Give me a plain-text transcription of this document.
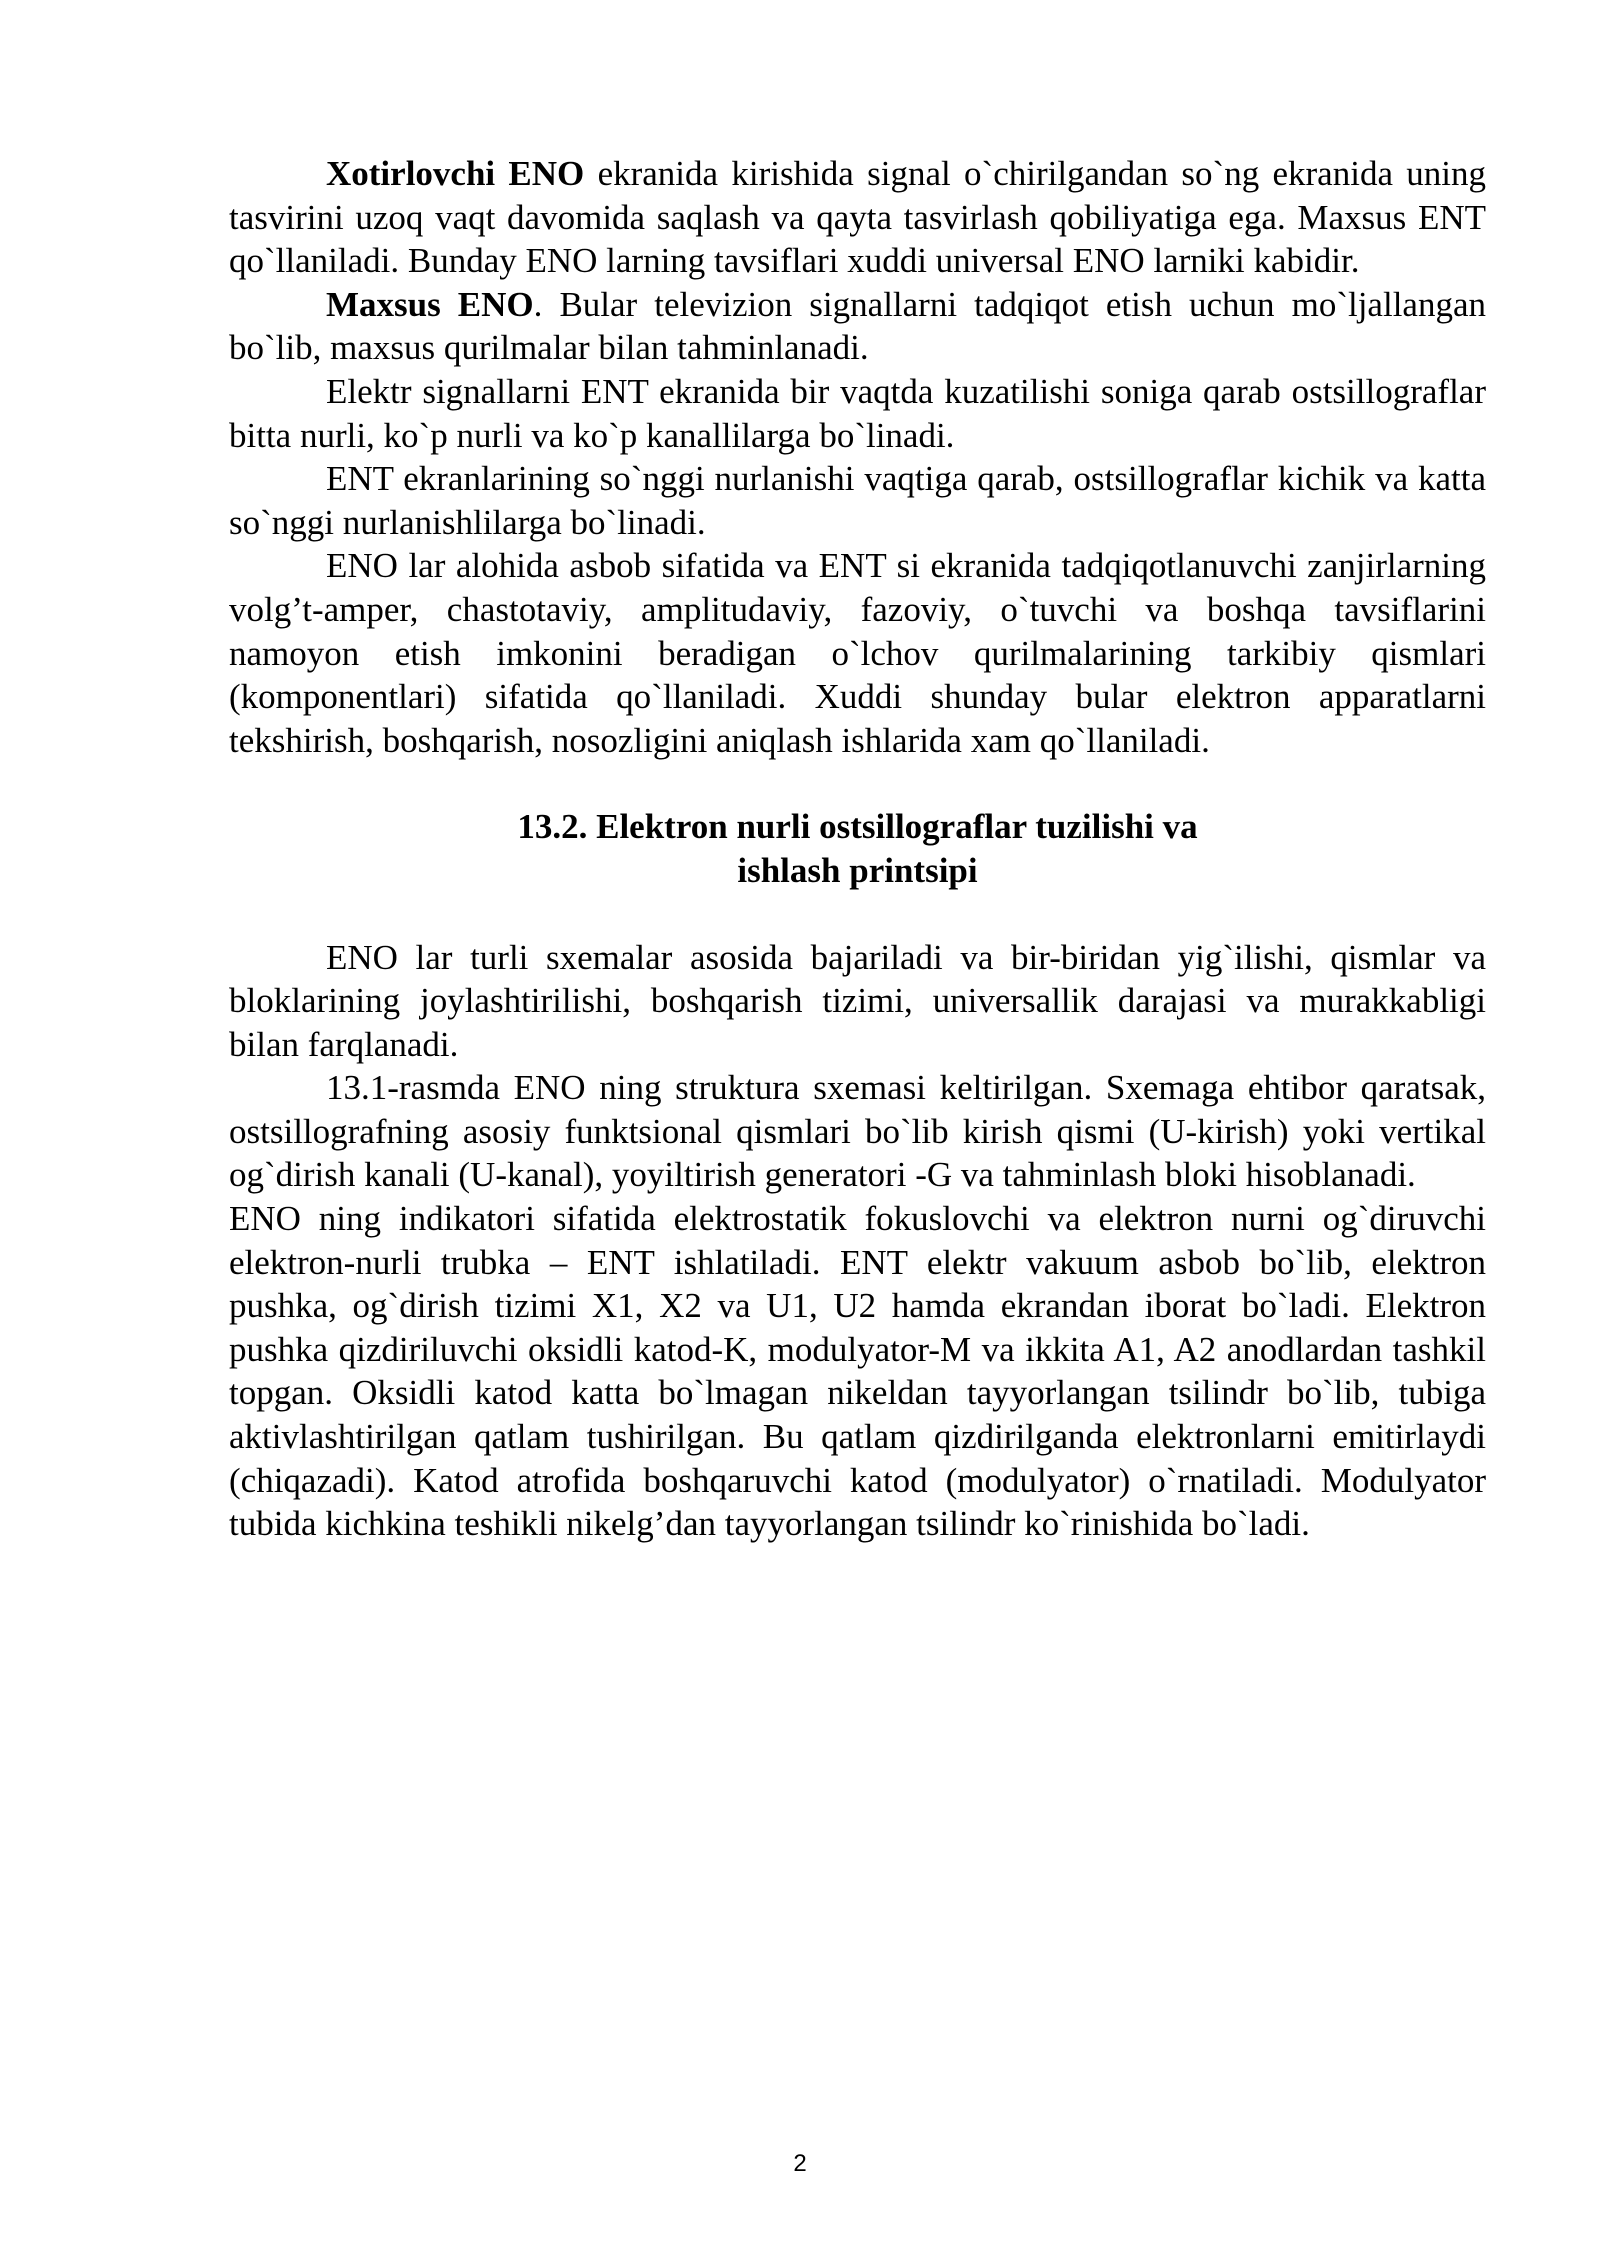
Xotirlovchi ENO ekranida kirishida signal o`chirilgandan so`ng ekranida uning tasvirini uzoq vaqt davomida saqlash va qayta tasvirlash qobiliyatiga ega. Maxsus ENT qo`llaniladi. Bunday ENO larning tavsiflari xuddi universal ENO larniki kabidir.

Maxsus ENO. Bular televizion signallarni tadqiqot etish uchun mo`ljallangan bo`lib, maxsus qurilmalar bilan tahminlanadi.

Elektr signallarni ENT ekranida bir vaqtda kuzatilishi soniga qarab ostsillograflar bitta nurli, ko`p nurli va ko`p kanallilarga bo`linadi.

ENT ekranlarining so`nggi nurlanishi vaqtiga qarab, ostsillograflar kichik va katta so`nggi nurlanishlilarga bo`linadi.

ENO lar alohida asbob sifatida va ENT si ekranida tadqiqotlanuvchi zanjirlarning volg’t-amper, chastotaviy, amplitudaviy, fazoviy, o`tuvchi va boshqa tavsiflarini namoyon etish imkonini beradigan o`lchov qurilmalarining tarkibiy qismlari (komponentlari) sifatida qo`llaniladi. Xuddi shunday bular elektron apparatlarni tekshirish, boshqarish, nosozligini aniqlash ishlarida xam qo`llaniladi.

13.2. Elektron nurli ostsillograflar tuzilishi va
ishlash printsipi

ENO lar turli sxemalar asosida bajariladi va bir-biridan yig`ilishi, qismlar va bloklarining joylashtirilishi, boshqarish tizimi, universallik darajasi va murakkabligi bilan farqlanadi.

13.1-rasmda ENO ning struktura sxemasi keltirilgan. Sxemaga ehtibor qaratsak, ostsillografning asosiy funktsional qismlari bo`lib kirish qismi (U-kirish) yoki vertikal og`dirish kanali (U-kanal), yoyiltirish generatori -G va tahminlash bloki hisoblanadi.

ENO ning indikatori sifatida elektrostatik fokuslovchi va elektron nurni og`diruvchi elektron-nurli trubka – ENT ishlatiladi. ENT elektr vakuum asbob bo`lib, elektron pushka, og`dirish tizimi X1, X2 va U1, U2 hamda ekrandan iborat bo`ladi. Elektron pushka qizdiriluvchi oksidli katod-K, modulyator-M va ikkita A1, A2 anodlardan tashkil topgan. Oksidli katod katta bo`lmagan nikeldan tayyorlangan tsilindr bo`lib, tubiga aktivlashtirilgan qatlam tushirilgan. Bu qatlam qizdirilganda elektronlarni emitirlaydi (chiqazadi). Katod atrofida boshqaruvchi katod (modulyator) o`rnatiladi. Modulyator tubida kichkina teshikli nikelg’dan tayyorlangan tsilindr ko`rinishida bo`ladi.

2
